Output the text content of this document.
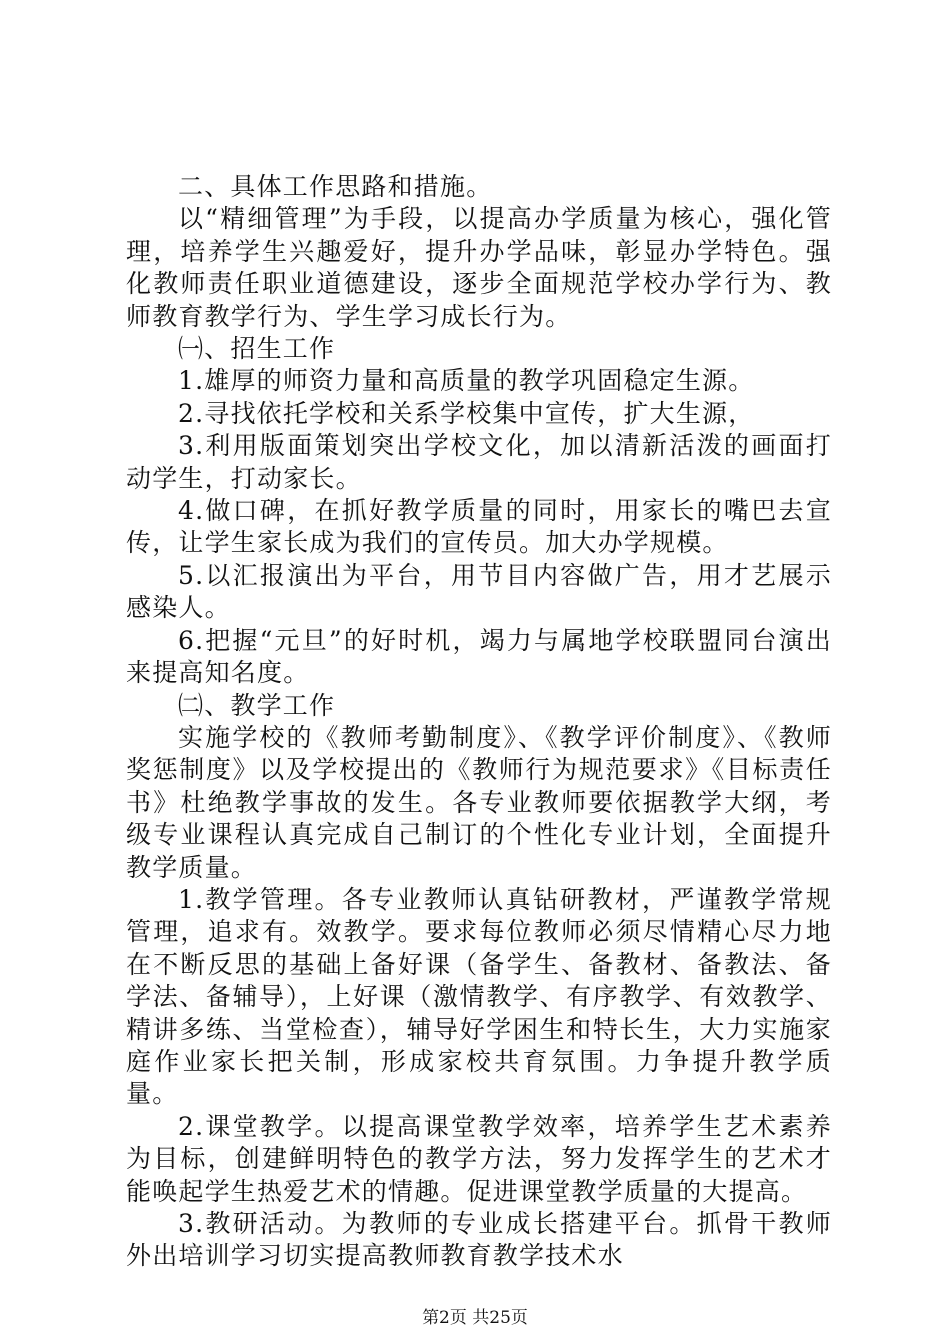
二、具体工作思路和措施。

以“精细管理”为手段，以提高办学质量为核心，强化管理，培养学生兴趣爱好，提升办学品味，彰显办学特色。强化教师责任职业道德建设，逐步全面规范学校办学行为、教师教育教学行为、学生学习成长行为。

㈠、招生工作

1.雄厚的师资力量和高质量的教学巩固稳定生源。

2.寻找依托学校和关系学校集中宣传，扩大生源，

3.利用版面策划突出学校文化，加以清新活泼的画面打动学生，打动家长。

4.做口碑，在抓好教学质量的同时，用家长的嘴巴去宣传，让学生家长成为我们的宣传员。加大办学规模。

5.以汇报演出为平台，用节目内容做广告，用才艺展示感染人。

6.把握“元旦”的好时机，竭力与属地学校联盟同台演出来提高知名度。

㈡、教学工作

实施学校的《教师考勤制度》、《教学评价制度》、《教师奖惩制度》以及学校提出的《教师行为规范要求》《目标责任书》杜绝教学事故的发生。各专业教师要依据教学大纲，考级专业课程认真完成自己制订的个性化专业计划，全面提升教学质量。

1.教学管理。各专业教师认真钻研教材，严谨教学常规管理，追求有。效教学。要求每位教师必须尽情精心尽力地在不断反思的基础上备好课（备学生、备教材、备教法、备学法、备辅导），上好课（激情教学、有序教学、有效教学、精讲多练、当堂检查），辅导好学困生和特长生，大力实施家庭作业家长把关制，形成家校共育氛围。力争提升教学质量。

2.课堂教学。以提高课堂教学效率，培养学生艺术素养为目标，创建鲜明特色的教学方法，努力发挥学生的艺术才能唤起学生热爱艺术的情趣。促进课堂教学质量的大提高。

3.教研活动。为教师的专业成长搭建平台。抓骨干教师外出培训学习切实提高教师教育教学技术水

第2页 共25页
